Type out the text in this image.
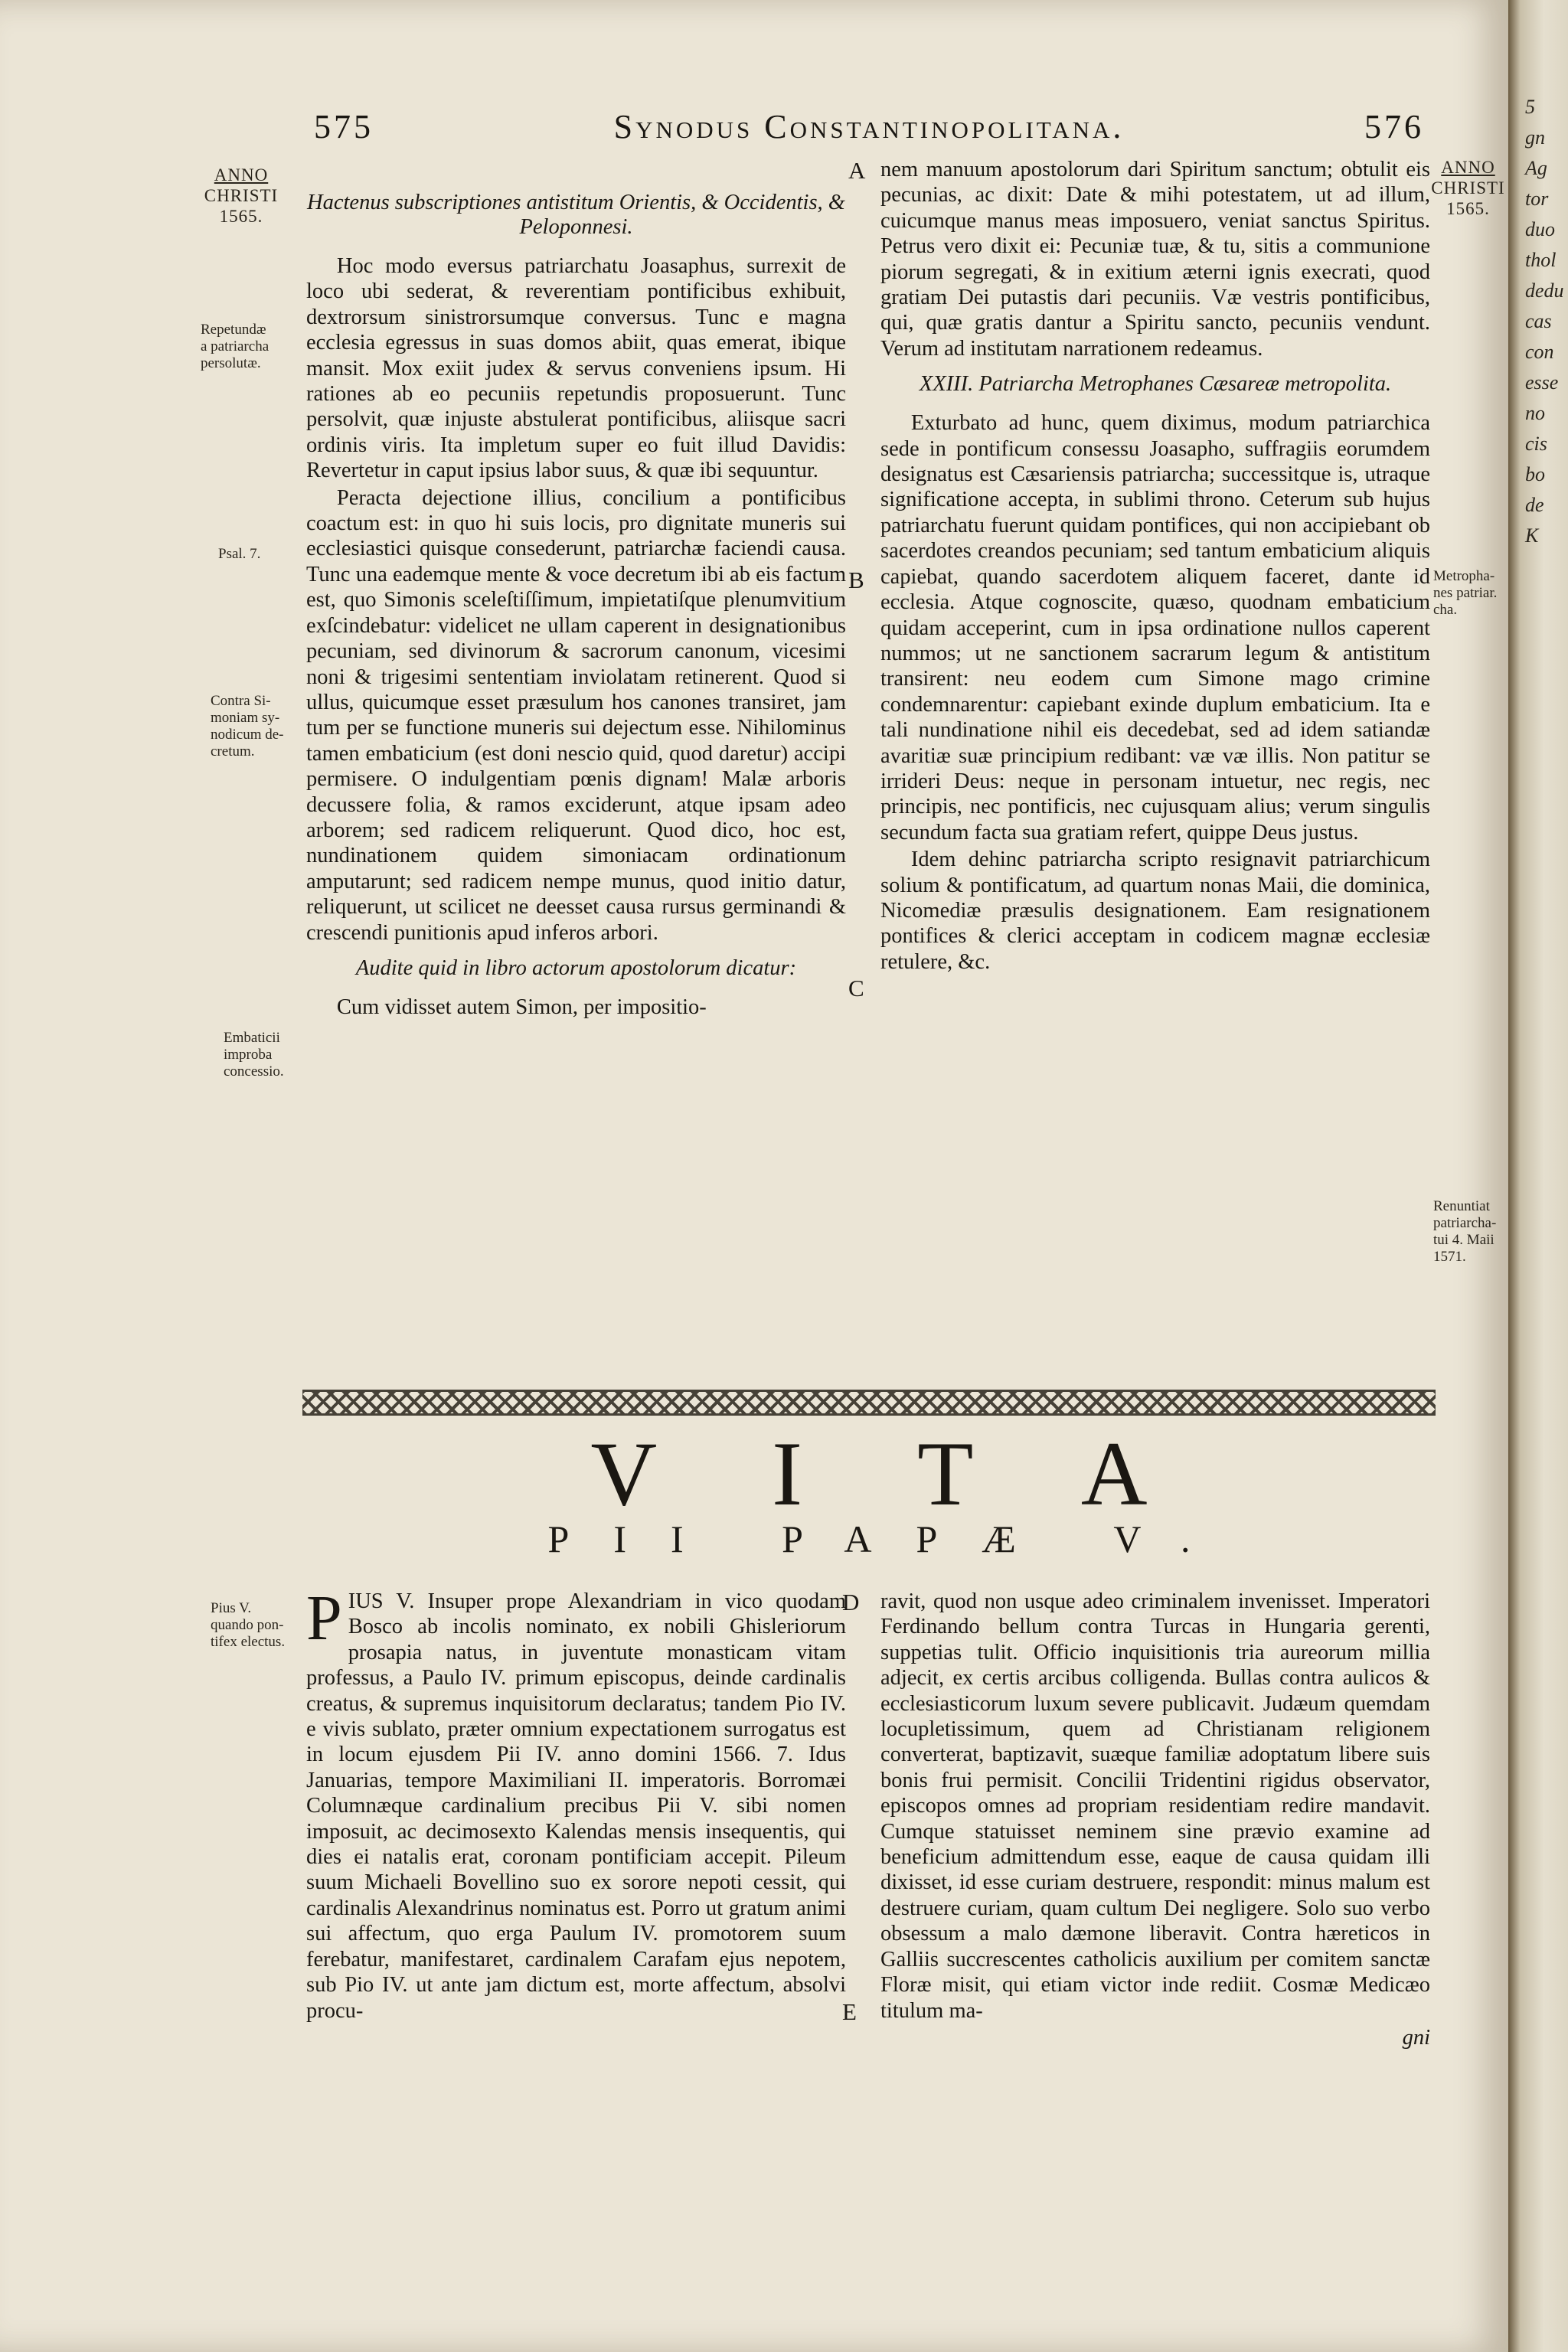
575	Synodus Constantinopolitana.	576
ANNO
CHRISTI
1565.
ANNO
CHRISTI
1565.
Repetundæ
a patriarcha
persolutæ.
Psal. 7.
Contra Si-
moniam sy-
nodicum de-
cretum.
Embaticii
improba
concessio.
Metropha-
nes patriar.
cha.
Renuntiat
patriarcha-
tui 4. Maii
1571.
Pius V.
quando pon-
tifex electus.
A
B
C
D
E

Hactenus subscriptiones antistitum Orientis, & Occidentis, & Peloponnesi.

Hoc modo eversus patriarchatu Joasaphus, surrexit de loco ubi sederat, & reverentiam pontificibus exhibuit, dextrorsum sinistrorsumque conversus. Tunc e magna ecclesia egressus in suas domos abiit, quas emerat, ibique mansit. Mox exiit judex & servus conveniens ipsum. Hi rationes ab eo pecuniis repetundis proposuerunt. Tunc persolvit, quæ injuste abstulerat pontificibus, aliisque sacri ordinis viris. Ita impletum super eo fuit illud Davidis: Revertetur in caput ipsius labor suus, & quæ ibi sequuntur.

Peracta dejectione illius, concilium a pontificibus coactum est: in quo hi suis locis, pro dignitate muneris sui ecclesiastici quisque consederunt, patriarchæ faciendi causa. Tunc una eademque mente & voce decretum ibi ab eis factum est, quo Simonis sceleſtiſſimum, impietatiſque plenumvitium exſcindebatur: videlicet ne ullam caperent in designationibus pecuniam, sed divinorum & sacrorum canonum, vicesimi noni & trigesimi sententiam inviolatam retinerent. Quod si ullus, quicumque esset præsulum hos canones transiret, jam tum per se functione muneris sui dejectum esse. Nihilominus tamen embaticium (est doni nescio quid, quod daretur) accipi permisere. O indulgentiam pœnis dignam! Malæ arboris decussere folia, & ramos exciderunt, atque ipsam adeo arborem; sed radicem reliquerunt. Quod dico, hoc est, nundinationem quidem simoniacam ordinationum amputarunt; sed radicem nempe munus, quod initio datur, reliquerunt, ut scilicet ne deesset causa rursus germinandi & crescendi punitionis apud inferos arbori.

Audite quid in libro actorum apostolorum dicatur:

Cum vidisset autem Simon, per impositio-

nem manuum apostolorum dari Spiritum sanctum; obtulit eis pecunias, ac dixit: Date & mihi potestatem, ut ad illum, cuicumque manus meas imposuero, veniat sanctus Spiritus. Petrus vero dixit ei: Pecuniæ tuæ, & tu, sitis a communione piorum segregati, & in exitium æterni ignis execrati, quod gratiam Dei putastis dari pecuniis. Væ vestris pontificibus, qui, quæ gratis dantur a Spiritu sancto, pecuniis vendunt. Verum ad institutam narrationem redeamus.

XXIII. Patriarcha Metrophanes Cæsareæ metropolita.

Exturbato ad hunc, quem diximus, modum patriarchica sede in pontificum consessu Joasapho, suffragiis eorumdem designatus est Cæsariensis patriarcha; successitque is, utraque significatione accepta, in sublimi throno. Ceterum sub hujus patriarchatu fuerunt quidam pontifices, qui non accipiebant ob sacerdotes creandos pecuniam; sed tantum embaticium aliquis capiebat, quando sacerdotem aliquem faceret, dante id ecclesia. Atque cognoscite, quæso, quodnam embaticium quidam acceperint, cum in ipsa ordinatione nullos caperent nummos; ut ne sanctionem sacrarum legum & antistitum transirent: neu eodem cum Simone mago crimine condemnarentur: capiebant exinde duplum embaticium. Ita e tali nundinatione nihil eis decedebat, sed ad idem satiandæ avaritiæ suæ principium redibant: væ væ illis. Non patitur se irrideri Deus: neque in personam intuetur, nec regis, nec principis, nec pontificis, nec cujusquam alius; verum singulis secundum facta sua gratiam refert, quippe Deus justus.

Idem dehinc patriarcha scripto resignavit patriarchicum solium & pontificatum, ad quartum nonas Maii, die dominica, Nicomediæ præsulis designationem. Eam resignationem pontifices & clerici acceptam in codicem magnæ ecclesiæ retulere, &c.

VITA
PII PAPÆ V.

PIUS V. Insuper prope Alexandriam in vico quodam Bosco ab incolis nominato, ex nobili Ghisleriorum prosapia natus, in juventute monasticam vitam professus, a Paulo IV. primum episcopus, deinde cardinalis creatus, & supremus inquisitorum declaratus; tandem Pio IV. e vivis sublato, præter omnium expectationem surrogatus est in locum ejusdem Pii IV. anno domini 1566. 7. Idus Januarias, tempore Maximiliani II. imperatoris. Borromæi Columnæque cardinalium precibus Pii V. sibi nomen imposuit, ac decimosexto Kalendas mensis insequentis, qui dies ei natalis erat, coronam pontificiam accepit. Pileum suum Michaeli Bovellino suo ex sorore nepoti cessit, qui cardinalis Alexandrinus nominatus est. Porro ut gratum animi sui affectum, quo erga Paulum IV. promotorem suum ferebatur, manifestaret, cardinalem Carafam ejus nepotem, sub Pio IV. ut ante jam dictum est, morte affectum, absolvi procu-

ravit, quod non usque adeo criminalem invenisset. Imperatori Ferdinando bellum contra Turcas in Hungaria gerenti, suppetias tulit. Officio inquisitionis tria aureorum millia adjecit, ex certis arcibus colligenda. Bullas contra aulicos & ecclesiasticorum luxum severe publicavit. Judæum quemdam locupletissimum, quem ad Christianam religionem converterat, baptizavit, suæque familiæ adoptatum libere suis bonis frui permisit. Concilii Tridentini rigidus observator, episcopos omnes ad propriam residentiam redire mandavit. Cumque statuisset neminem sine prævio examine ad beneficium admittendum esse, eaque de causa quidam illi dixisset, id esse curiam destruere, respondit: minus malum est destruere curiam, quam cultum Dei negligere. Solo suo verbo obsessum a malo dæmone liberavit. Contra hæreticos in Galliis succrescentes catholicis auxilium per comitem sanctæ Floræ misit, qui etiam victor inde rediit. Cosmæ Medicæo titulum ma-

gni

5
gn
Ag
tor
duo
thol
dedu
cas
con
esse
no
cis
bo
de
K
